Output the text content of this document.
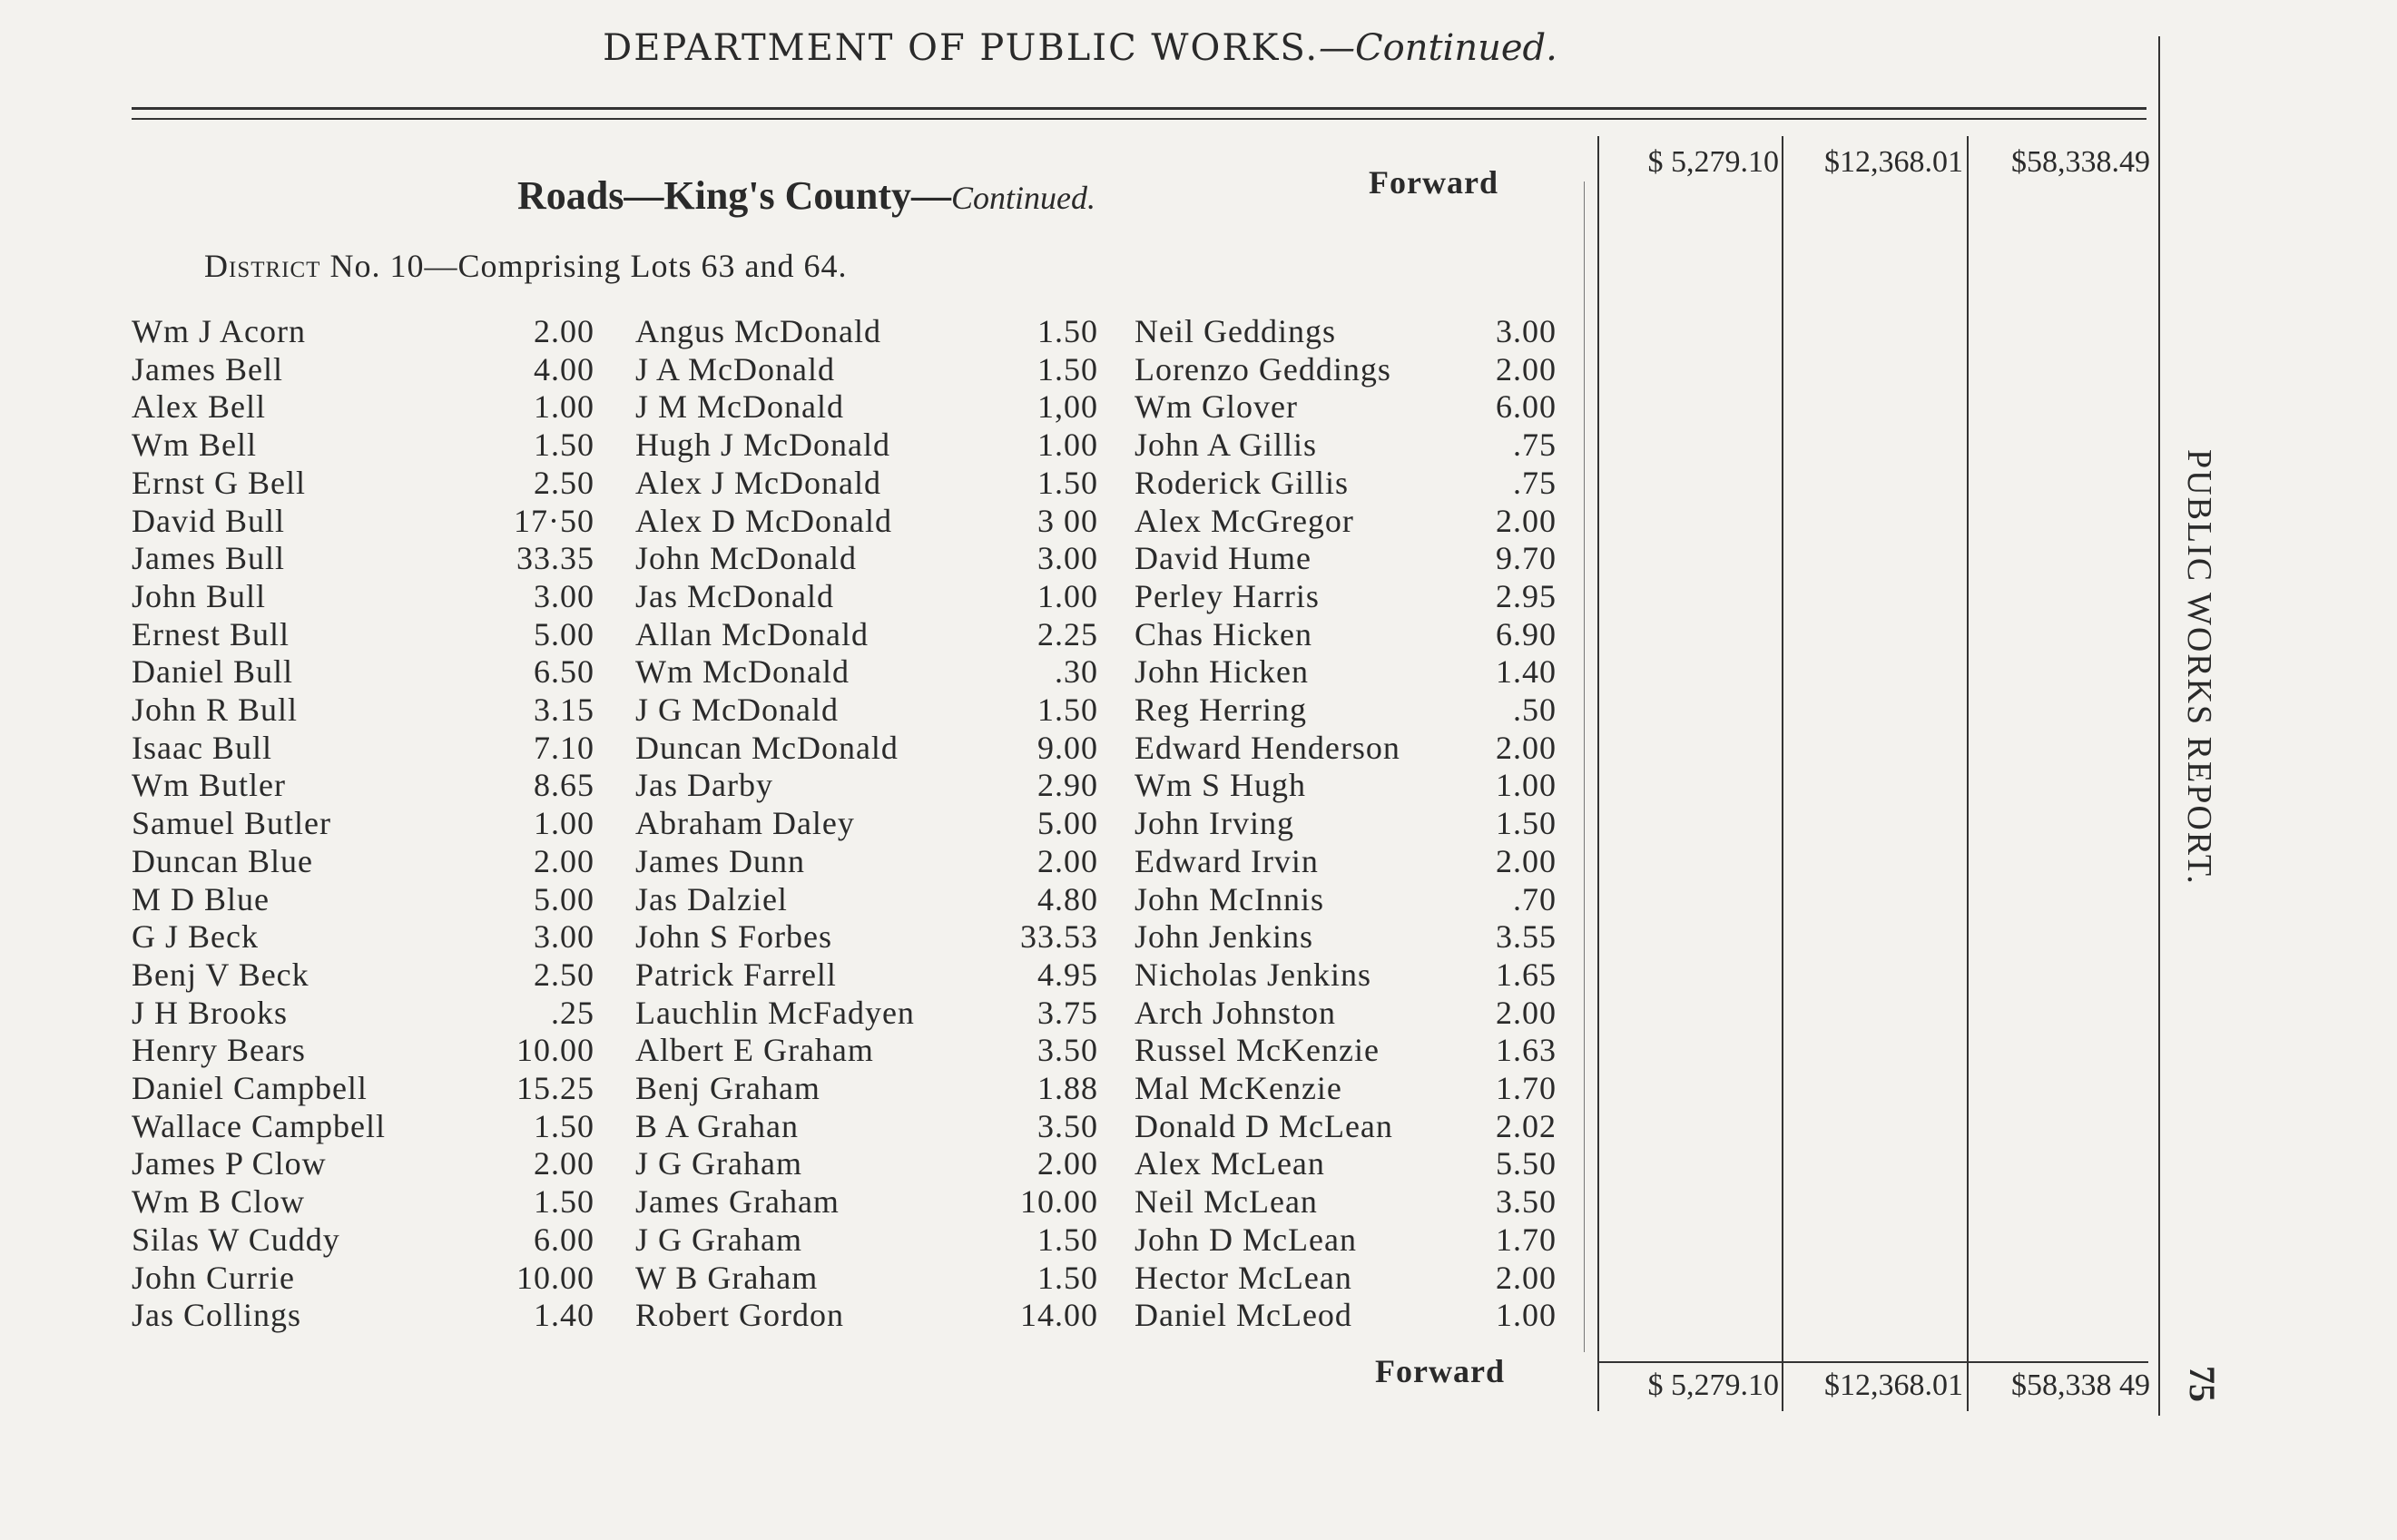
DEPARTMENT OF PUBLIC WORKS.—Continued.
Roads—King's County—Continued.
District No. 10—Comprising Lots 63 and 64.
Forward
$ 5,279.10	$12,368.01	$58,338.49
Forward	$ 5,279.10	$12,368.01	$58,338 49
Wm J Acorn	2.00
James Bell	4.00
Alex Bell	1.00
Wm Bell	1.50
Ernst G Bell	2.50
David Bull	17·50
James Bull	33.35
John Bull	3.00
Ernest Bull	5.00
Daniel Bull	6.50
John R Bull	3.15
Isaac Bull	7.10
Wm Butler	8.65
Samuel Butler	1.00
Duncan Blue	2.00
M D Blue	5.00
G J Beck	3.00
Benj V Beck	2.50
J H Brooks	.25
Henry Bears	10.00
Daniel Campbell	15.25
Wallace Campbell	1.50
James P Clow	2.00
Wm B Clow	1.50
Silas W Cuddy	6.00
John Currie	10.00
Jas Collings	1.40
Angus McDonald	1.50
J A McDonald	1.50
J M McDonald	1,00
Hugh J McDonald	1.00
Alex J McDonald	1.50
Alex D McDonald	3 00
John McDonald	3.00
Jas McDonald	1.00
Allan McDonald	2.25
Wm McDonald	.30
J G McDonald	1.50
Duncan McDonald	9.00
Jas Darby	2.90
Abraham Daley	5.00
James Dunn	2.00
Jas Dalziel	4.80
John S Forbes	33.53
Patrick Farrell	4.95
Lauchlin McFadyen	3.75
Albert E Graham	3.50
Benj Graham	1.88
B A Grahan	3.50
J G Graham	2.00
James Graham	10.00
J G Graham	1.50
W B Graham	1.50
Robert Gordon	14.00
Neil Geddings	3.00
Lorenzo Geddings	2.00
Wm Glover	6.00
John A Gillis	.75
Roderick Gillis	.75
Alex McGregor	2.00
David Hume	9.70
Perley Harris	2.95
Chas Hicken	6.90
John Hicken	1.40
Reg Herring	.50
Edward Henderson	2.00
Wm S Hugh	1.00
John Irving	1.50
Edward Irvin	2.00
John McInnis	.70
John Jenkins	3.55
Nicholas Jenkins	1.65
Arch Johnston	2.00
Russel McKenzie	1.63
Mal McKenzie	1.70
Donald D McLean	2.02
Alex McLean	5.50
Neil McLean	3.50
John D McLean	1.70
Hector McLean	2.00
Daniel McLeod	1.00
PUBLIC WORKS REPORT.
75
